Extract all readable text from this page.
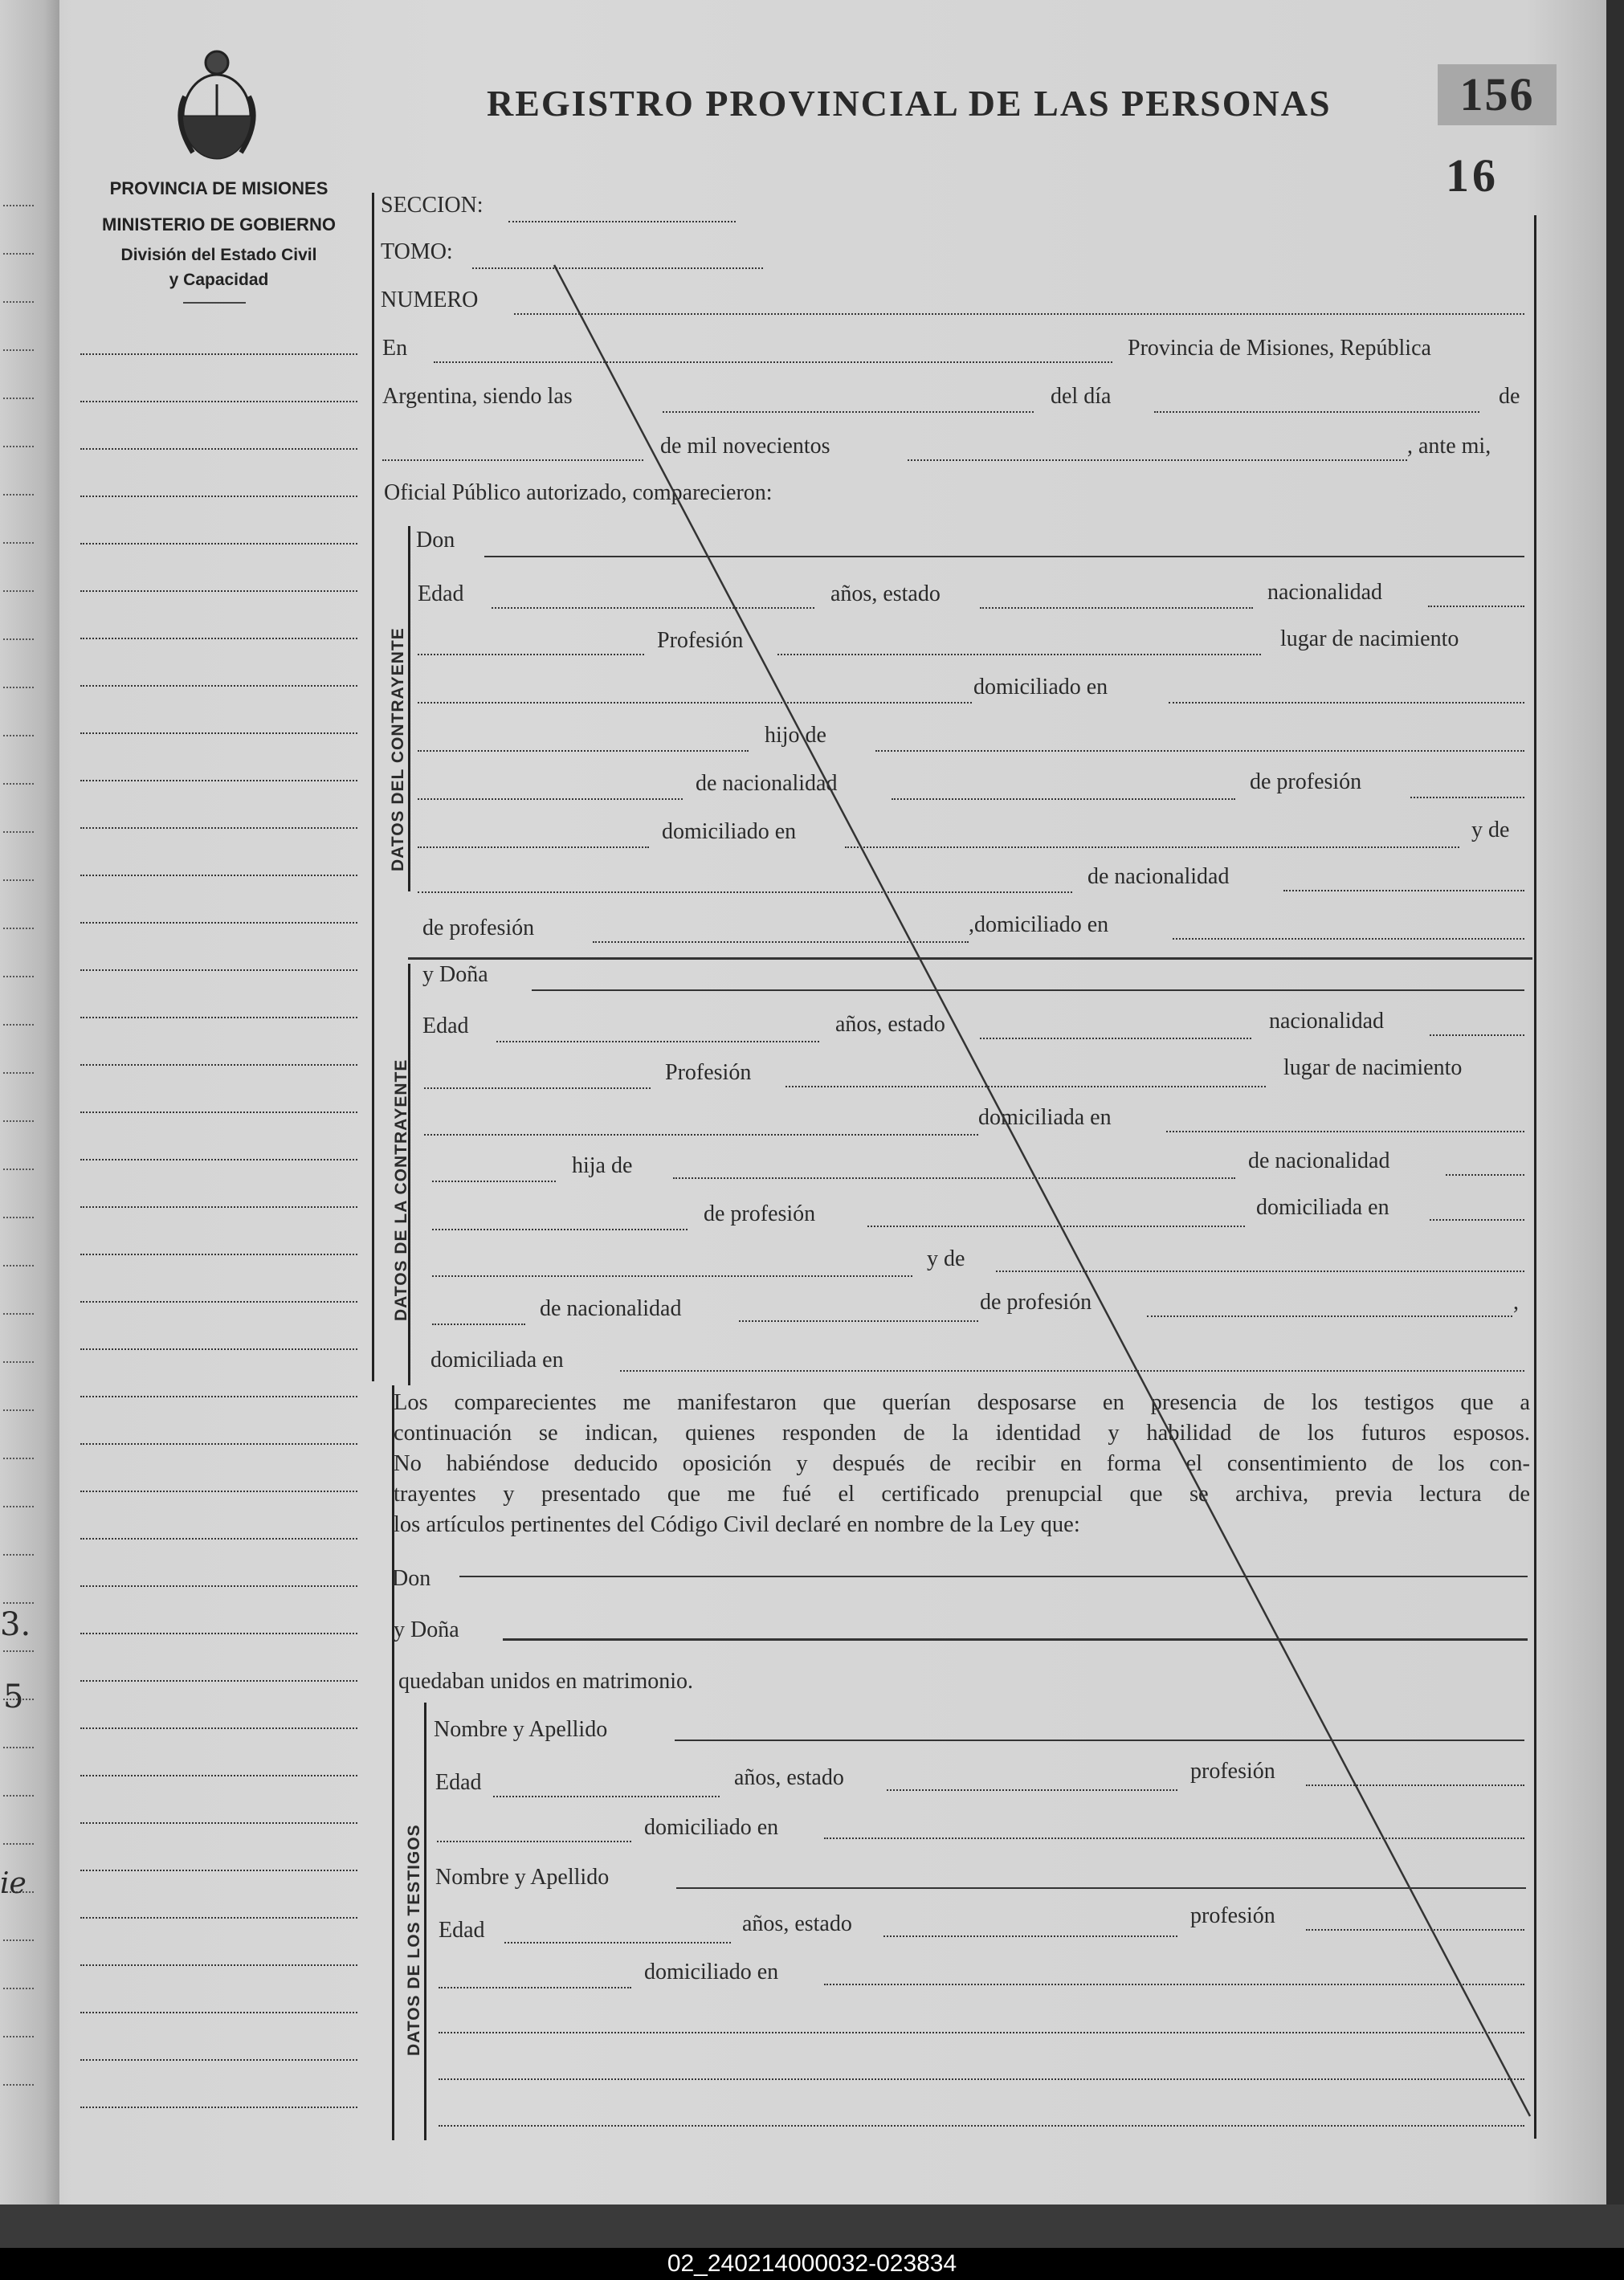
3.
5
ie
PROVINCIA DE MISIONES
MINISTERIO DE GOBIERNO
División del Estado Civil
y Capacidad
REGISTRO PROVINCIAL DE LAS PERSONAS	156
16
SECCION:
TOMO:
NUMERO
En	Provincia de Misiones, República
Argentina, siendo las	del día	de
de mil novecientos	, ante mi,
Oficial Público autorizado, comparecieron:
DATOS DEL CONTRAYENTE
Don
Edad	años, estado	nacionalidad
Profesión	lugar de nacimiento
domiciliado en
hijo de
de nacionalidad	de profesión
domiciliado en	y de
de nacionalidad
de profesión	,domiciliado en
DATOS DE LA CONTRAYENTE
y Doña
Edad	años, estado	nacionalidad
Profesión	lugar de nacimiento
domiciliada en
hija de	de nacionalidad
de profesión	domiciliada en
y de
de nacionalidad	de profesión	,
domiciliada en
Los comparecientes me manifestaron que querían desposarse en presencia de los testigos que a
continuación se indican, quienes responden de la identidad y habilidad de los futuros esposos.
No habiéndose deducido oposición y después de recibir en forma el consentimiento de los con-
trayentes y presentado que me fué el certificado prenupcial que se archiva, previa lectura de
los artículos pertinentes del Código Civil declaré en nombre de la Ley que:
Don
y Doña
quedaban unidos en matrimonio.
DATOS DE LOS TESTIGOS
Nombre y Apellido
Edad	años, estado	profesión
domiciliado en
Nombre y Apellido
Edad	años, estado	profesión
domiciliado en
02_240214000032-023834
